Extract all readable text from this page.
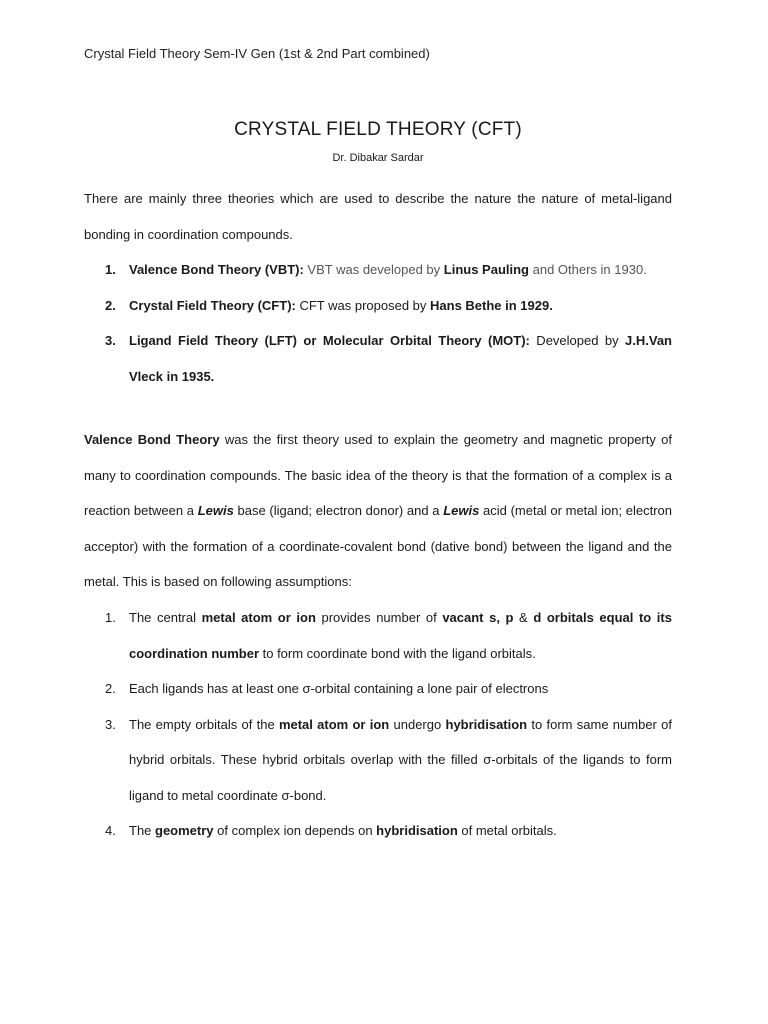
Crystal Field Theory Sem-IV Gen (1st & 2nd Part combined)
CRYSTAL FIELD THEORY (CFT)
Dr. Dibakar Sardar

There are mainly three theories which are used to describe the nature the nature of metal-ligand bonding in coordination compounds.

1. Valence Bond Theory (VBT): VBT was developed by Linus Pauling and Others in 1930.
2. Crystal Field Theory (CFT): CFT was proposed by Hans Bethe in 1929.
3. Ligand Field Theory (LFT) or Molecular Orbital Theory (MOT): Developed by J.H.Van Vleck in 1935.

Valence Bond Theory was the first theory used to explain the geometry and magnetic property of many to coordination compounds. The basic idea of the theory is that the formation of a complex is a reaction between a Lewis base (ligand; electron donor) and a Lewis acid (metal or metal ion; electron acceptor) with the formation of a coordinate-covalent bond (dative bond) between the ligand and the metal. This is based on following assumptions:

1. The central metal atom or ion provides number of vacant s, p & d orbitals equal to its coordination number to form coordinate bond with the ligand orbitals.
2. Each ligands has at least one σ-orbital containing a lone pair of electrons
3. The empty orbitals of the metal atom or ion undergo hybridisation to form same number of hybrid orbitals. These hybrid orbitals overlap with the filled σ-orbitals of the ligands to form ligand to metal coordinate σ-bond.
4. The geometry of complex ion depends on hybridisation of metal orbitals.
